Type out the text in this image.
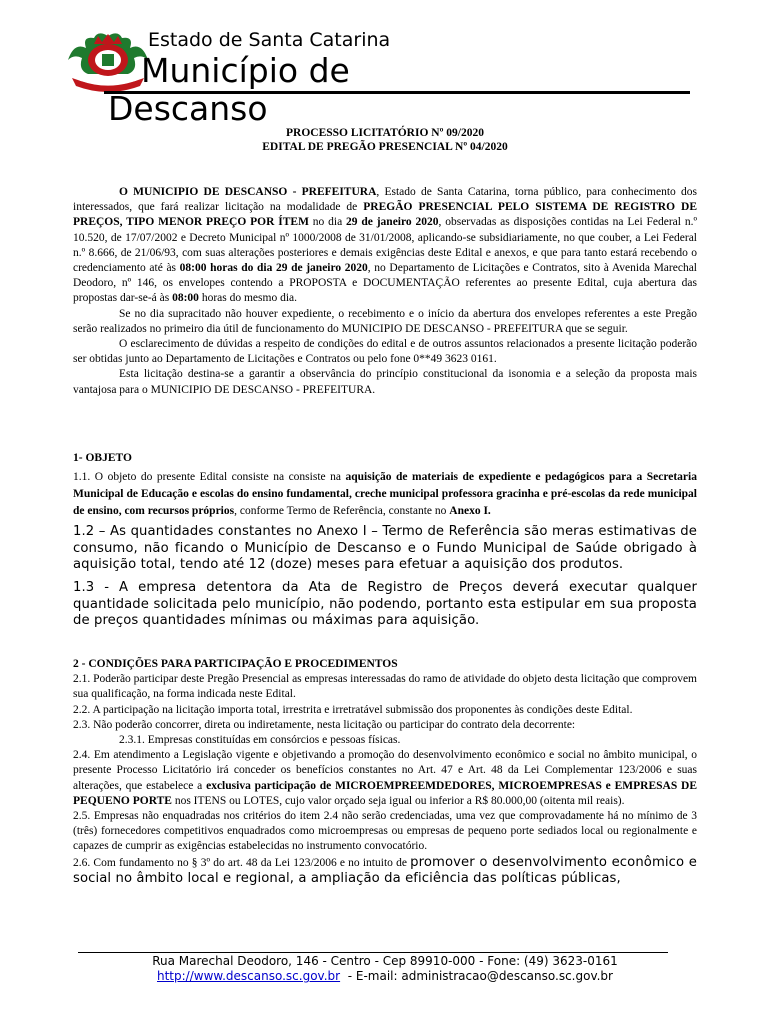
Estado de Santa Catarina
Município de
Descanso
PROCESSO LICITATÓRIO Nº 09/2020
EDITAL DE PREGÃO PRESENCIAL Nº 04/2020

O MUNICIPIO DE DESCANSO - PREFEITURA, Estado de Santa Catarina, torna público, para conhecimento dos interessados, que fará realizar licitação na modalidade de PREGÃO PRESENCIAL PELO SISTEMA DE REGISTRO DE PREÇOS, TIPO MENOR PREÇO POR ÍTEM no dia 29 de janeiro 2020, observadas as disposições contidas na Lei Federal n.º 10.520, de 17/07/2002 e Decreto Municipal nº 1000/2008 de 31/01/2008, aplicando-se subsidiariamente, no que couber, a Lei Federal n.º 8.666, de 21/06/93, com suas alterações posteriores e demais exigências deste Edital e anexos, e que para tanto estará recebendo o credenciamento até às 08:00 horas do dia 29 de janeiro 2020, no Departamento de Licitações e Contratos, sito à Avenida Marechal Deodoro, nº 146, os envelopes contendo a PROPOSTA e DOCUMENTAÇÃO referentes ao presente Edital, cuja abertura das propostas dar-se-á às 08:00 horas do mesmo dia.

Se no dia supracitado não houver expediente, o recebimento e o início da abertura dos envelopes referentes a este Pregão serão realizados no primeiro dia útil de funcionamento do MUNICIPIO DE DESCANSO - PREFEITURA que se seguir.

O esclarecimento de dúvidas a respeito de condições do edital e de outros assuntos relacionados a presente licitação poderão ser obtidas junto ao Departamento de Licitações e Contratos ou pelo fone 0**49 3623 0161.

Esta licitação destina-se a garantir a observância do princípio constitucional da isonomia e a seleção da proposta mais vantajosa para o MUNICIPIO DE DESCANSO - PREFEITURA.

1- OBJETO

1.1. O objeto do presente Edital consiste na consiste na aquisição de materiais de expediente e pedagógicos para a Secretaria Municipal de Educação e escolas do ensino fundamental, creche municipal professora gracinha e pré-escolas da rede municipal de ensino, com recursos próprios, conforme Termo de Referência, constante no Anexo I.

1.2 – As quantidades constantes no Anexo I – Termo de Referência são meras estimativas de consumo, não ficando o Município de Descanso e o Fundo Municipal de Saúde obrigado à aquisição total, tendo até 12 (doze) meses para efetuar a aquisição dos produtos.

1.3 - A empresa detentora da Ata de Registro de Preços deverá executar qualquer quantidade solicitada pelo município, não podendo, portanto esta estipular em sua proposta de preços quantidades mínimas ou máximas para aquisição.

2 - CONDIÇÕES PARA PARTICIPAÇÃO E PROCEDIMENTOS

2.1. Poderão participar deste Pregão Presencial as empresas interessadas do ramo de atividade do objeto desta licitação que comprovem sua qualificação, na forma indicada neste Edital.

2.2. A participação na licitação importa total, irrestrita e irretratável submissão dos proponentes às condições deste Edital.

2.3. Não poderão concorrer, direta ou indiretamente, nesta licitação ou participar do contrato dela decorrente:

2.3.1. Empresas constituídas em consórcios e pessoas físicas.

2.4. Em atendimento a Legislação vigente e objetivando a promoção do desenvolvimento econômico e social no âmbito municipal, o presente Processo Licitatório irá conceder os benefícios constantes no Art. 47 e Art. 48 da Lei Complementar 123/2006 e suas alterações, que estabelece a exclusiva participação de MICROEMPREEMDEDORES, MICROEMPRESAS e EMPRESAS DE PEQUENO PORTE nos ITENS ou LOTES, cujo valor orçado seja igual ou inferior a R$ 80.000,00 (oitenta mil reais).

2.5. Empresas não enquadradas nos critérios do item 2.4 não serão credenciadas, uma vez que comprovadamente há no mínimo de 3 (três) fornecedores competitivos enquadrados como microempresas ou empresas de pequeno porte sediados local ou regionalmente e capazes de cumprir as exigências estabelecidas no instrumento convocatório.

2.6. Com fundamento no § 3º do art. 48 da Lei 123/2006 e no intuito de promover o desenvolvimento econômico e social no âmbito local e regional, a ampliação da eficiência das políticas públicas,

Rua Marechal Deodoro, 146 - Centro - Cep 89910-000 - Fone: (49) 3623-0161
http://www.descanso.sc.gov.br  - E-mail: administracao@descanso.sc.gov.br
